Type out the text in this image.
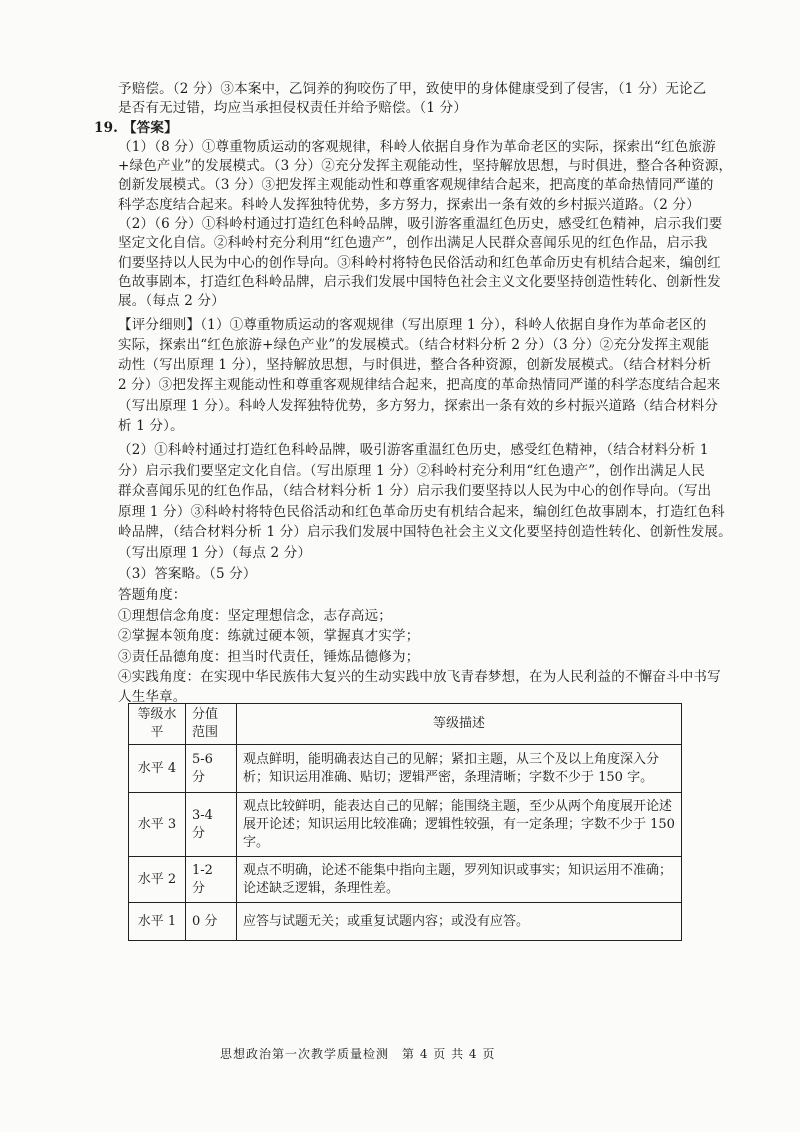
予赔偿。（2 分）③本案中，乙饲养的狗咬伤了甲，致使甲的身体健康受到了侵害，（1 分）无论乙
是否有无过错，均应当承担侵权责任并给予赔偿。（1 分）
19. 【答案】
（1）（8 分）①尊重物质运动的客观规律，科岭人依据自身作为革命老区的实际，探索出“红色旅游
+绿色产业”的发展模式。（3 分）②充分发挥主观能动性，坚持解放思想，与时俱进，整合各种资源，
创新发展模式。（3 分）③把发挥主观能动性和尊重客观规律结合起来，把高度的革命热情同严谨的
科学态度结合起来。科岭人发挥独特优势，多方努力，探索出一条有效的乡村振兴道路。（2 分）
（2）（6 分）①科岭村通过打造红色科岭品牌，吸引游客重温红色历史，感受红色精神，启示我们要
坚定文化自信。②科岭村充分利用“红色遗产”，创作出满足人民群众喜闻乐见的红色作品，启示我
们要坚持以人民为中心的创作导向。③科岭村将特色民俗活动和红色革命历史有机结合起来，编创红
色故事剧本，打造红色科岭品牌，启示我们发展中国特色社会主义文化要坚持创造性转化、创新性发
展。（每点 2 分）
【评分细则】（1）①尊重物质运动的客观规律（写出原理 1 分），科岭人依据自身作为革命老区的
实际，探索出“红色旅游+绿色产业”的发展模式。（结合材料分析 2 分）（3 分）②充分发挥主观能
动性（写出原理 1 分），坚持解放思想，与时俱进，整合各种资源，创新发展模式。（结合材料分析
2 分）③把发挥主观能动性和尊重客观规律结合起来，把高度的革命热情同严谨的科学态度结合起来
（写出原理 1 分）。科岭人发挥独特优势，多方努力，探索出一条有效的乡村振兴道路（结合材料分
析 1 分）。
（2）①科岭村通过打造红色科岭品牌，吸引游客重温红色历史，感受红色精神，（结合材料分析 1
分）启示我们要坚定文化自信。（写出原理 1 分）②科岭村充分利用“红色遗产”，创作出满足人民
群众喜闻乐见的红色作品，（结合材料分析 1 分）启示我们要坚持以人民为中心的创作导向。（写出
原理 1 分）③科岭村将特色民俗活动和红色革命历史有机结合起来，编创红色故事剧本，打造红色科
岭品牌，（结合材料分析 1 分）启示我们发展中国特色社会主义文化要坚持创造性转化、创新性发展。
（写出原理 1 分）（每点 2 分）
（3）答案略。（5 分）
答题角度：
①理想信念角度：坚定理想信念，志存高远；
②掌握本领角度：练就过硬本领，掌握真才实学；
③责任品德角度：担当时代责任，锤炼品德修为；
④实践角度：在实现中华民族伟大复兴的生动实践中放飞青春梦想，在为人民利益的不懈奋斗中书写
人生华章。
等级水平	分值范围	等级描述
水平 4	5-6 分	观点鲜明，能明确表达自己的见解；紧扣主题，从三个及以上角度深入分析；知识运用准确、贴切；逻辑严密，条理清晰；字数不少于 150 字。
水平 3	3-4 分	观点比较鲜明，能表达自己的见解；能围绕主题，至少从两个角度展开论述展开论述；知识运用比较准确；逻辑性较强，有一定条理；字数不少于 150 字。
水平 2	1-2 分	观点不明确，论述不能集中指向主题，罗列知识或事实；知识运用不准确；论述缺乏逻辑，条理性差。
水平 1	0 分	应答与试题无关；或重复试题内容；或没有应答。
思想政治第一次教学质量检测　第 4 页 共 4 页
